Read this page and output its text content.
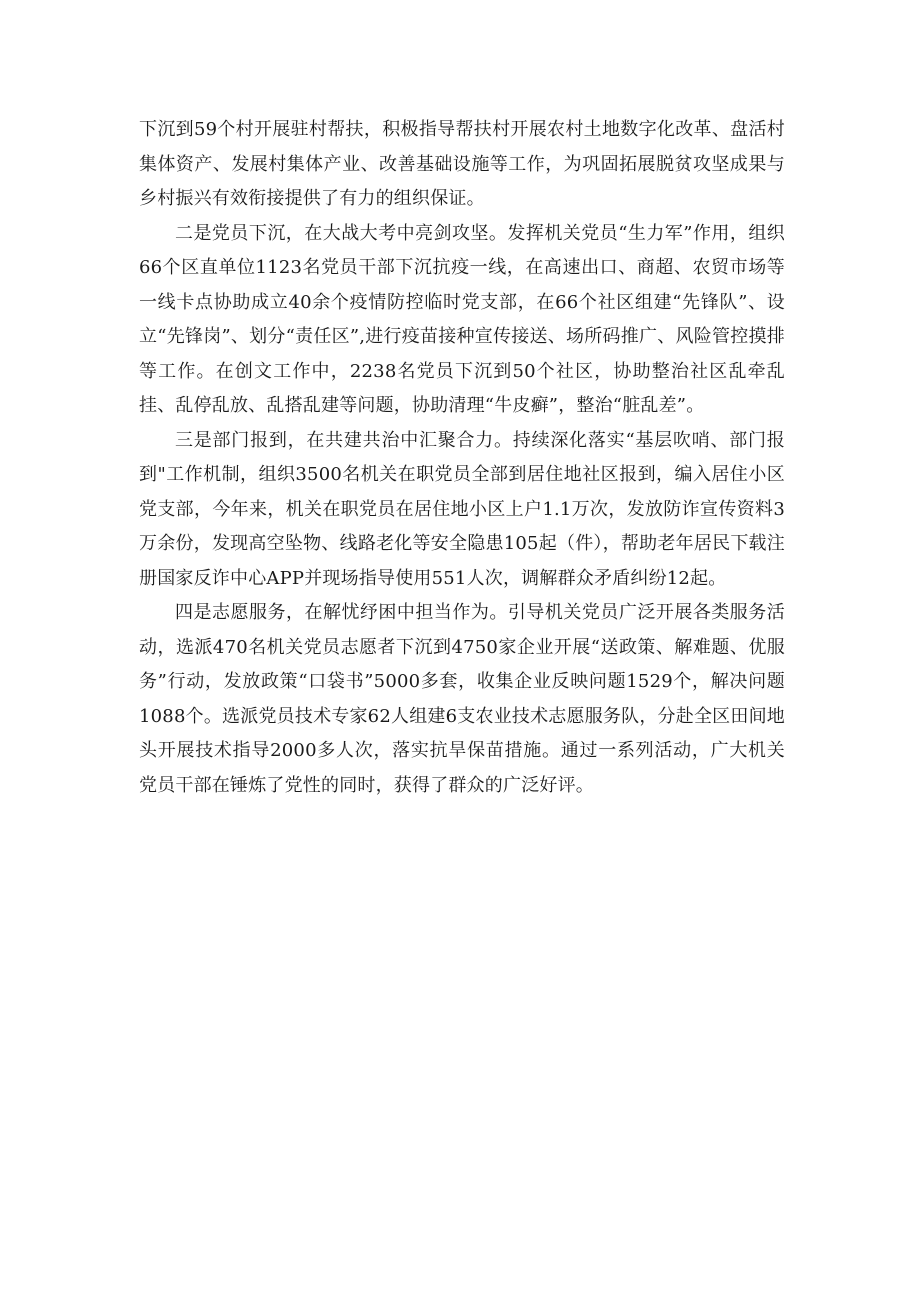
下沉到59个村开展驻村帮扶，积极指导帮扶村开展农村土地数字化改革、盘活村集体资产、发展村集体产业、改善基础设施等工作，为巩固拓展脱贫攻坚成果与乡村振兴有效衔接提供了有力的组织保证。

二是党员下沉，在大战大考中亮剑攻坚。发挥机关党员“生力军”作用，组织66个区直单位1123名党员干部下沉抗疫一线，在高速出口、商超、农贸市场等一线卡点协助成立40余个疫情防控临时党支部，在66个社区组建“先锋队”、设立“先锋岗”、划分“责任区”,进行疫苗接种宣传接送、场所码推广、风险管控摸排等工作。在创文工作中，2238名党员下沉到50个社区，协助整治社区乱牵乱挂、乱停乱放、乱搭乱建等问题，协助清理“牛皮癣”，整治“脏乱差”。

三是部门报到，在共建共治中汇聚合力。持续深化落实“基层吹哨、部门报到"工作机制，组织3500名机关在职党员全部到居住地社区报到，编入居住小区党支部，今年来，机关在职党员在居住地小区上户1.1万次，发放防诈宣传资料3万余份，发现高空坠物、线路老化等安全隐患105起（件），帮助老年居民下载注册国家反诈中心APP并现场指导使用551人次，调解群众矛盾纠纷12起。

四是志愿服务，在解忧纾困中担当作为。引导机关党员广泛开展各类服务活动，选派470名机关党员志愿者下沉到4750家企业开展“送政策、解难题、优服务”行动，发放政策“口袋书”5000多套，收集企业反映问题1529个，解决问题1088个。选派党员技术专家62人组建6支农业技术志愿服务队，分赴全区田间地头开展技术指导2000多人次，落实抗旱保苗措施。通过一系列活动，广大机关党员干部在锤炼了党性的同时，获得了群众的广泛好评。
